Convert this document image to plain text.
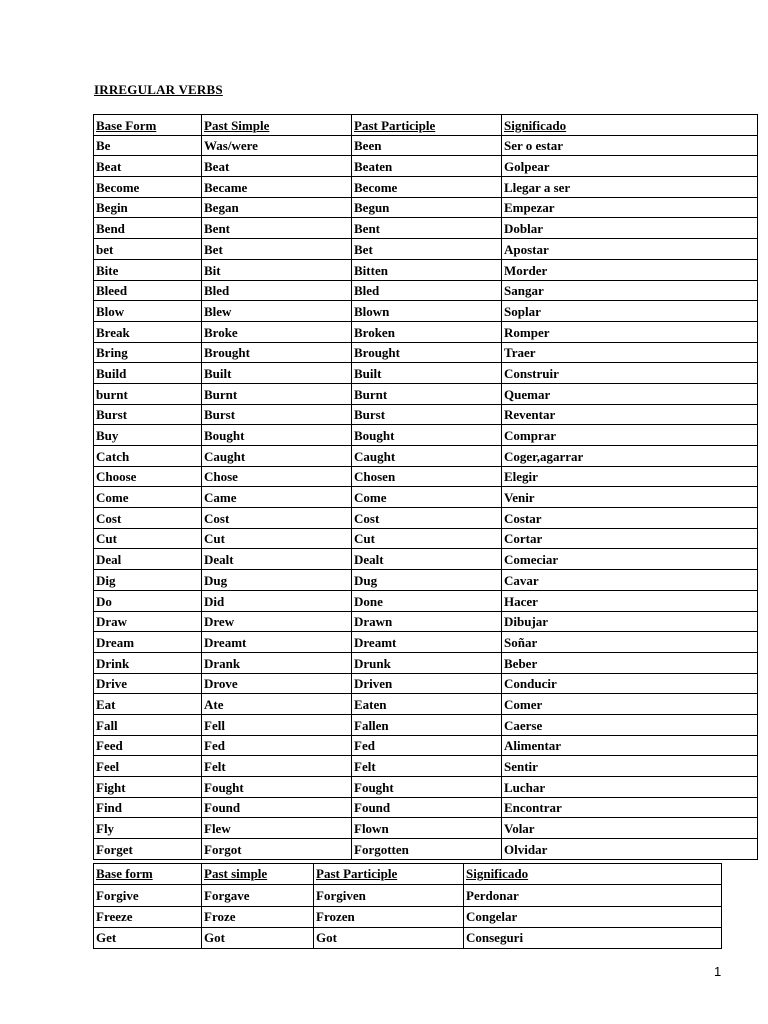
IRREGULAR VERBS
Base Form	Past Simple	Past Participle	Significado
Be	Was/were	Been	Ser o estar
Beat	Beat	Beaten	Golpear
Become	Became	Become	Llegar a ser
Begin	Began	Begun	Empezar
Bend	Bent	Bent	Doblar
bet	Bet	Bet	Apostar
Bite	Bit	Bitten	Morder
Bleed	Bled	Bled	Sangar
Blow	Blew	Blown	Soplar
Break	Broke	Broken	Romper
Bring	Brought	Brought	Traer
Build	Built	Built	Construir
burnt	Burnt	Burnt	Quemar
Burst	Burst	Burst	Reventar
Buy	Bought	Bought	Comprar
Catch	Caught	Caught	Coger,agarrar
Choose	Chose	Chosen	Elegir
Come	Came	Come	Venir
Cost	Cost	Cost	Costar
Cut	Cut	Cut	Cortar
Deal	Dealt	Dealt	Comeciar
Dig	Dug	Dug	Cavar
Do	Did	Done	Hacer
Draw	Drew	Drawn	Dibujar
Dream	Dreamt	Dreamt	Soñar
Drink	Drank	Drunk	Beber
Drive	Drove	Driven	Conducir
Eat	Ate	Eaten	Comer
Fall	Fell	Fallen	Caerse
Feed	Fed	Fed	Alimentar
Feel	Felt	Felt	Sentir
Fight	Fought	Fought	Luchar
Find	Found	Found	Encontrar
Fly	Flew	Flown	Volar
Forget	Forgot	Forgotten	Olvidar
Base form	Past simple	Past Participle	Significado
Forgive	Forgave	Forgiven	Perdonar
Freeze	Froze	Frozen	Congelar
Get	Got	Got	Conseguri
1
